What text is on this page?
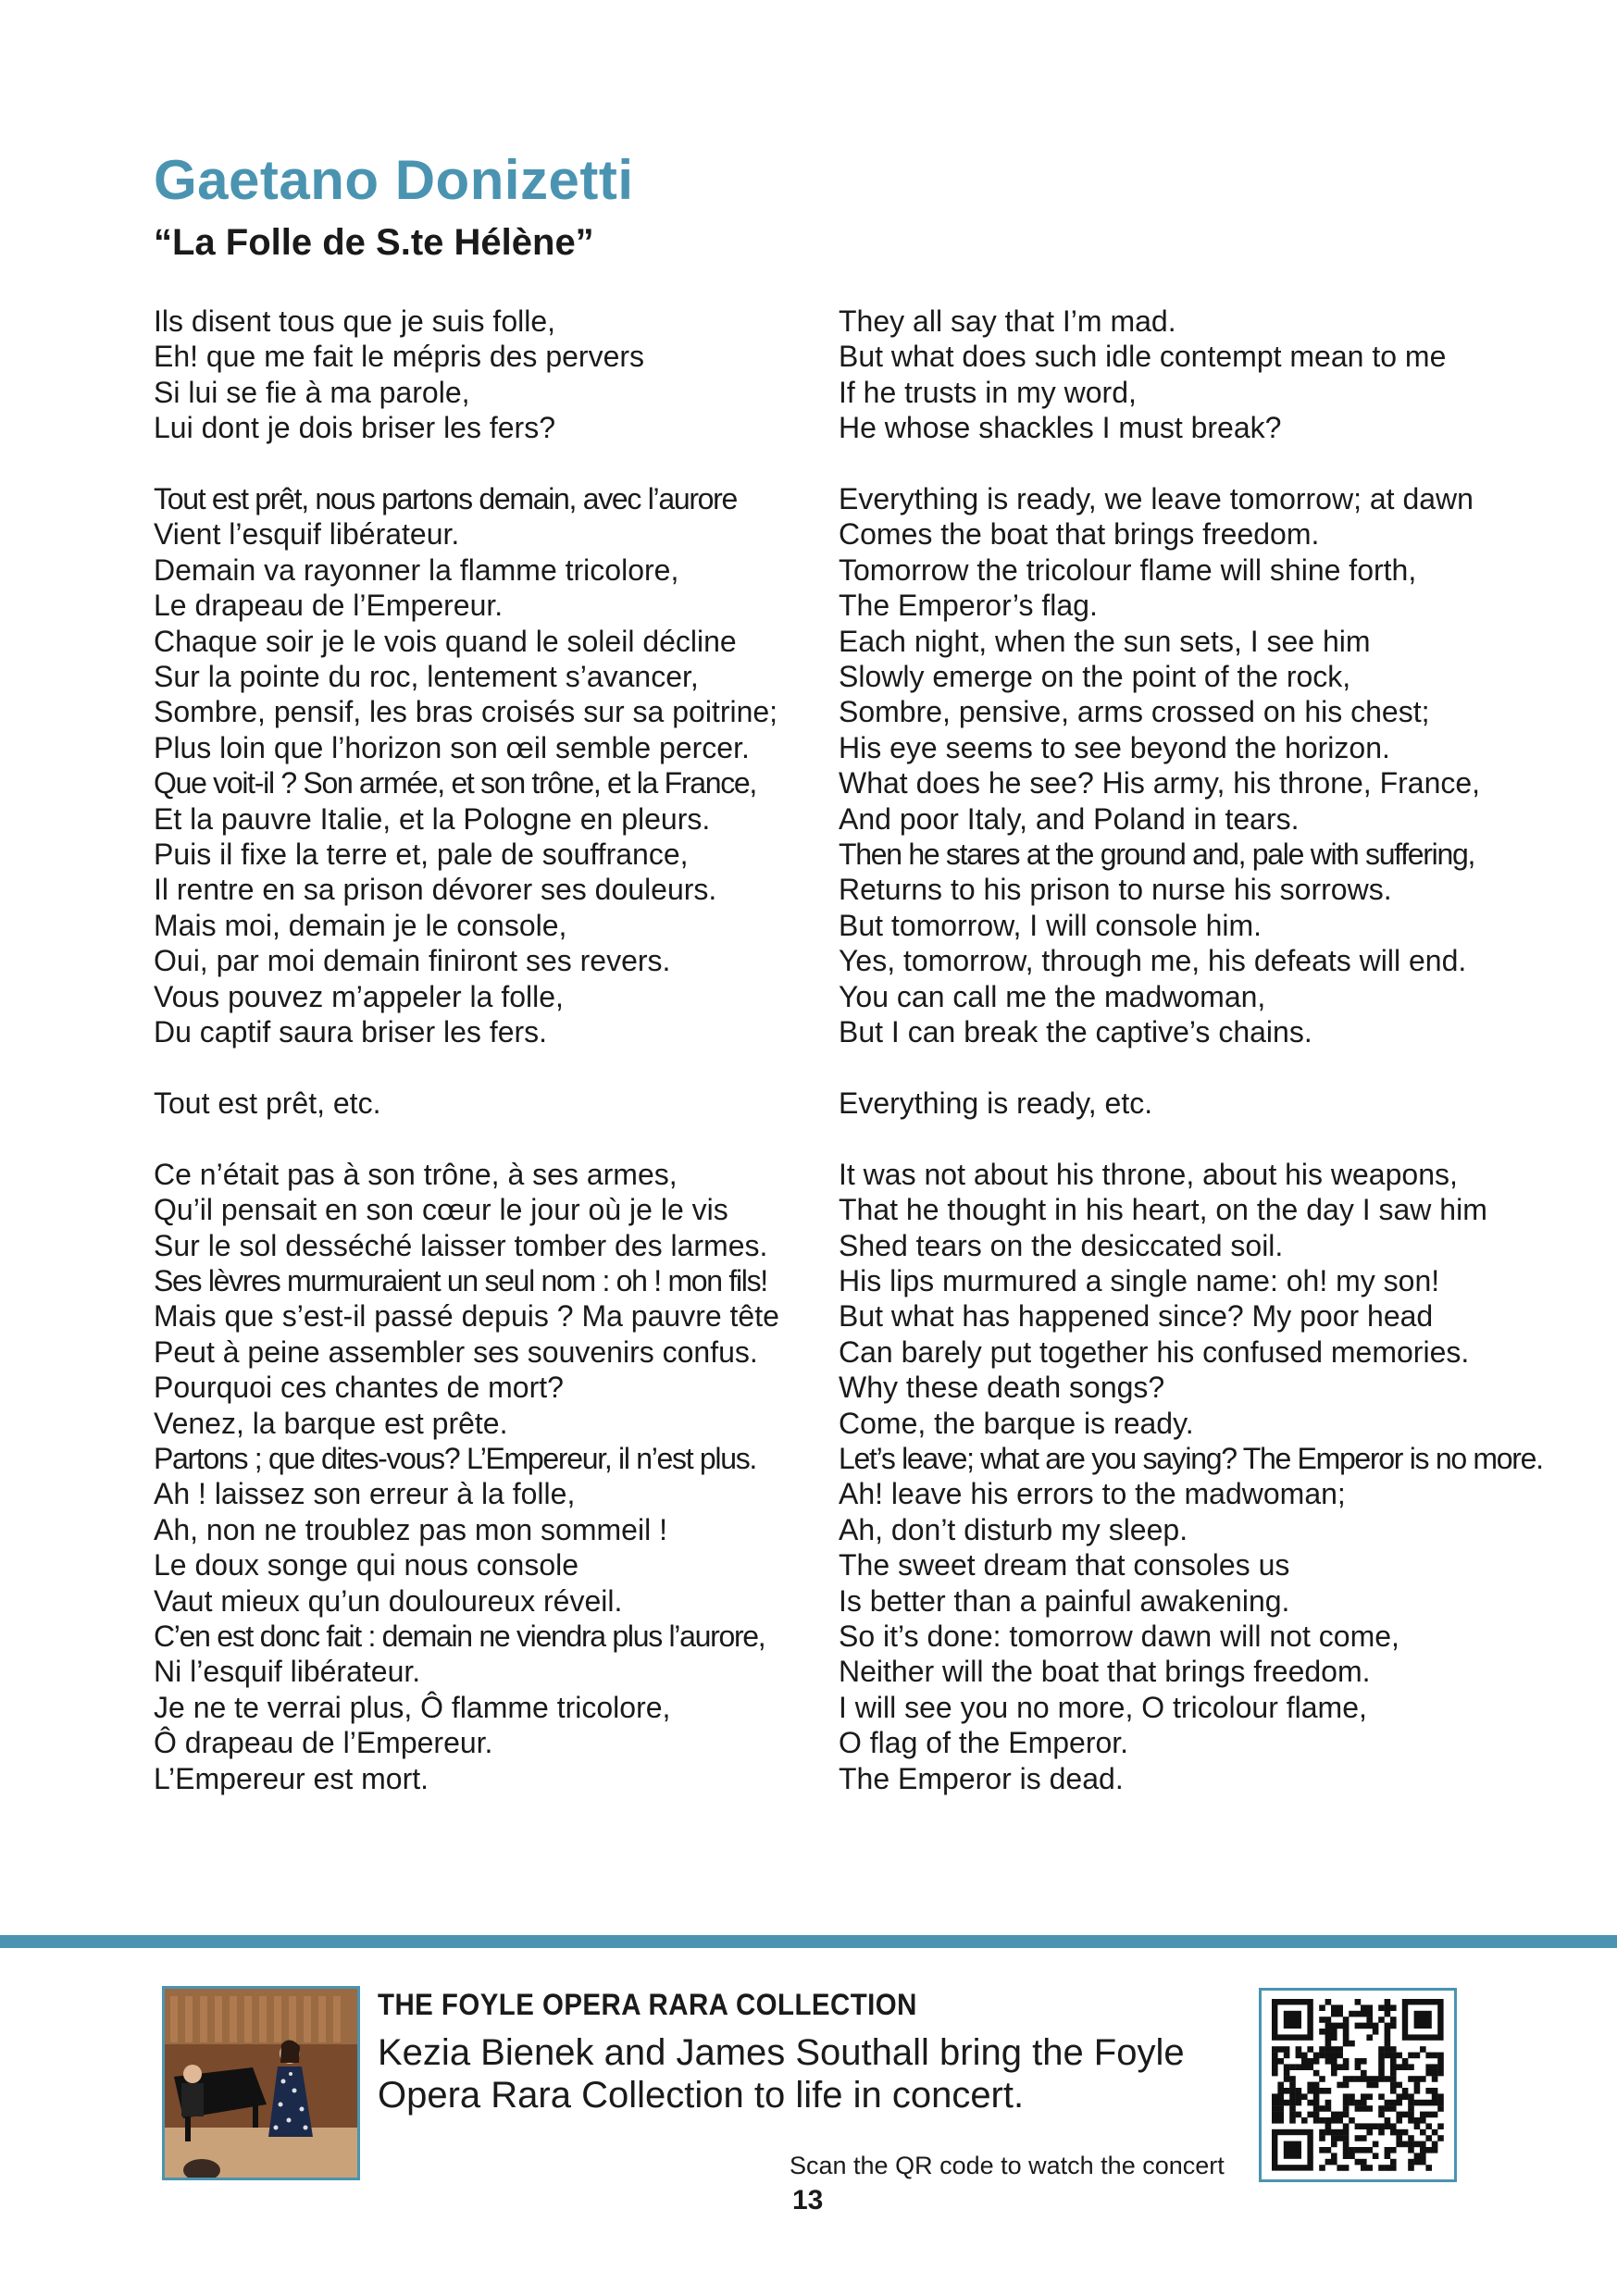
Gaetano Donizetti
“La Folle de S.te Hélène”

Ils disent tous que je suis folle,
Eh! que me fait le mépris des pervers
Si lui se fie à ma parole,
Lui dont je dois briser les fers?

Tout est prêt, nous partons demain, avec l’aurore
Vient l’esquif libérateur.
Demain va rayonner la flamme tricolore,
Le drapeau de l’Empereur.
Chaque soir je le vois quand le soleil décline
Sur la pointe du roc, lentement s’avancer,
Sombre, pensif, les bras croisés sur sa poitrine;
Plus loin que l’horizon son œil semble percer.
Que voit-il ? Son armée, et son trône, et la France,
Et la pauvre Italie, et la Pologne en pleurs.
Puis il fixe la terre et, pale de souffrance,
Il rentre en sa prison dévorer ses douleurs.
Mais moi, demain je le console,
Oui, par moi demain finiront ses revers.
Vous pouvez m’appeler la folle,
Du captif saura briser les fers.

Tout est prêt, etc.

Ce n’était pas à son trône, à ses armes,
Qu’il pensait en son cœur le jour où je le vis
Sur le sol desséché laisser tomber des larmes.
Ses lèvres murmuraient un seul nom : oh ! mon fils!
Mais que s’est-il passé depuis ? Ma pauvre tête
Peut à peine assembler ses souvenirs confus.
Pourquoi ces chantes de mort?
Venez, la barque est prête.
Partons ; que dites-vous? L’Empereur, il n’est plus.
Ah ! laissez son erreur à la folle,
Ah, non ne troublez pas mon sommeil !
Le doux songe qui nous console
Vaut mieux qu’un douloureux réveil.
C’en est donc fait : demain ne viendra plus l’aurore,
Ni l’esquif libérateur.
Je ne te verrai plus, Ô flamme tricolore,
Ô drapeau de l’Empereur.
L’Empereur est mort.

They all say that I’m mad.
But what does such idle contempt mean to me
If he trusts in my word,
He whose shackles I must break?

Everything is ready, we leave tomorrow; at dawn
Comes the boat that brings freedom.
Tomorrow the tricolour flame will shine forth,
The Emperor’s flag.
Each night, when the sun sets, I see him
Slowly emerge on the point of the rock,
Sombre, pensive, arms crossed on his chest;
His eye seems to see beyond the horizon.
What does he see? His army, his throne, France,
And poor Italy, and Poland in tears.
Then he stares at the ground and, pale with suffering,
Returns to his prison to nurse his sorrows.
But tomorrow, I will console him.
Yes, tomorrow, through me, his defeats will end.
You can call me the madwoman,
But I can break the captive’s chains.

Everything is ready, etc.

It was not about his throne, about his weapons,
That he thought in his heart, on the day I saw him
Shed tears on the desiccated soil.
His lips murmured a single name: oh! my son!
But what has happened since? My poor head
Can barely put together his confused memories.
Why these death songs?
Come, the barque is ready.
Let’s leave; what are you saying? The Emperor is no more.
Ah! leave his errors to the madwoman;
Ah, don’t disturb my sleep.
The sweet dream that consoles us
Is better than a painful awakening.
So it’s done: tomorrow dawn will not come,
Neither will the boat that brings freedom.
I will see you no more, O tricolour flame,
O flag of the Emperor.
The Emperor is dead.

THE FOYLE OPERA RARA COLLECTION
Kezia Bienek and James Southall bring the Foyle Opera Rara Collection to life in concert.
Scan the QR code to watch the concert
13
